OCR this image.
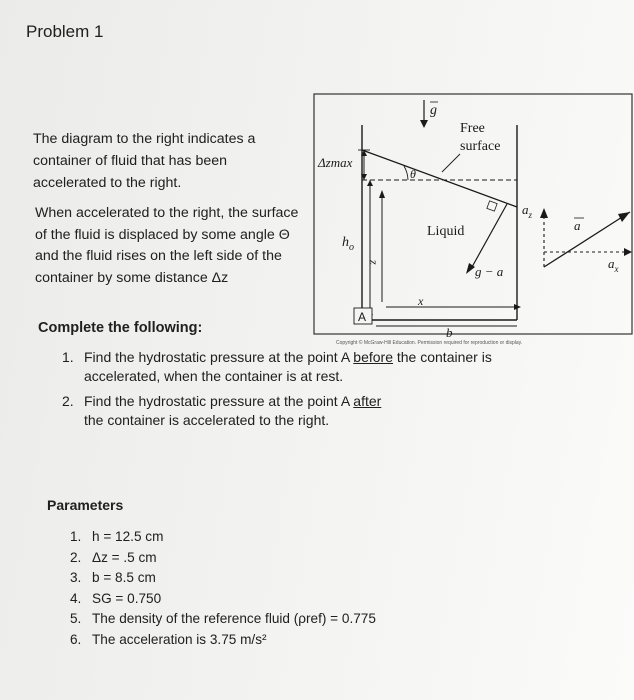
Problem 1
The diagram to the right indicates a container of fluid that has been accelerated to the right.
When accelerated to the right, the surface of the fluid is displaced by some angle Θ and the fluid rises on the left side of the container by some distance Δz
Complete the following:
1. Find the hydrostatic pressure at the point A before the container is accelerated, when the container is at rest.
2. Find the hydrostatic pressure at the point A after the container is accelerated to the right.
Parameters
1. h = 12.5 cm
2. Δz = .5 cm
3. b = 8.5 cm
4. SG = 0.750
5. The density of the reference fluid (ρref) = 0.775
6. The acceleration is 3.75 m/s²
g
Free
surface
Δzmax
θ
$h_o$
z
Liquid
g − a
A
x
b
$a_z$
a
$a_x$
Copyright © McGraw-Hill Education. Permission required for reproduction or display.
